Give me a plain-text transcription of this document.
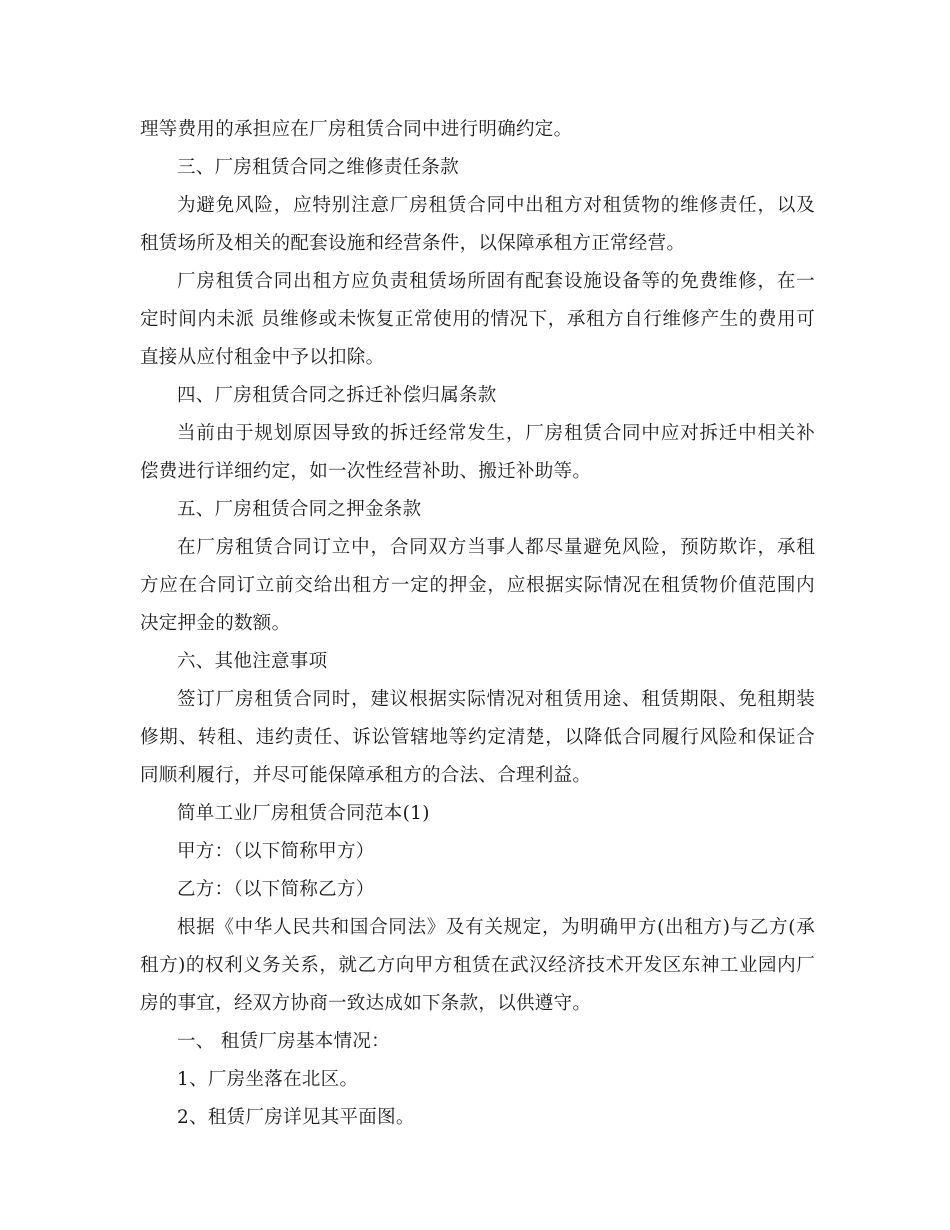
理等费用的承担应在厂房租赁合同中进行明确约定。

三、厂房租赁合同之维修责任条款

为避免风险，应特别注意厂房租赁合同中出租方对租赁物的维修责任，以及租赁场所及相关的配套设施和经营条件，以保障承租方正常经营。

厂房租赁合同出租方应负责租赁场所固有配套设施设备等的免费维修，在一定时间内未派 员维修或未恢复正常使用的情况下，承租方自行维修产生的费用可直接从应付租金中予以扣除。

四、厂房租赁合同之拆迁补偿归属条款

当前由于规划原因导致的拆迁经常发生，厂房租赁合同中应对拆迁中相关补偿费进行详细约定，如一次性经营补助、搬迁补助等。

五、厂房租赁合同之押金条款

在厂房租赁合同订立中，合同双方当事人都尽量避免风险，预防欺诈，承租方应在合同订立前交给出租方一定的押金，应根据实际情况在租赁物价值范围内决定押金的数额。

六、其他注意事项

签订厂房租赁合同时，建议根据实际情况对租赁用途、租赁期限、免租期装修期、转租、违约责任、诉讼管辖地等约定清楚，以降低合同履行风险和保证合同顺利履行，并尽可能保障承租方的合法、合理利益。

简单工业厂房租赁合同范本(1)

甲方：（以下简称甲方）

乙方：（以下简称乙方）

根据《中华人民共和国合同法》及有关规定，为明确甲方(出租方)与乙方(承租方)的权利义务关系，就乙方向甲方租赁在武汉经济技术开发区东神工业园内厂房的事宜，经双方协商一致达成如下条款，以供遵守。

一、 租赁厂房基本情况：

1、厂房坐落在北区。

2、租赁厂房详见其平面图。
